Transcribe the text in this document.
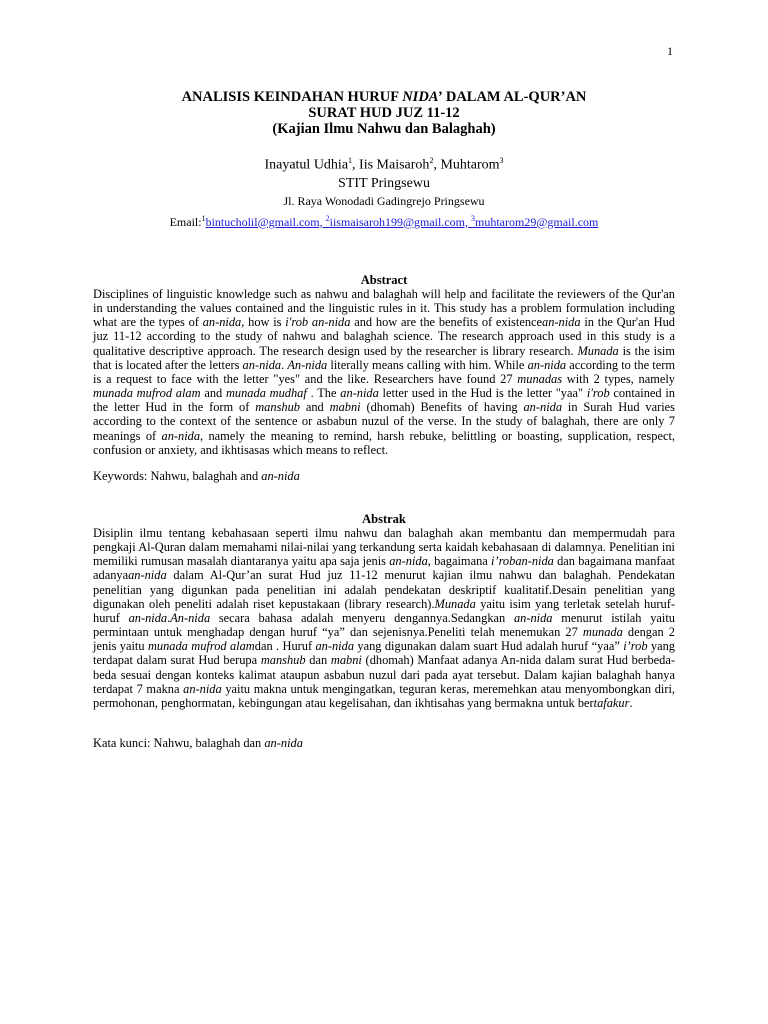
1
ANALISIS KEINDAHAN HURUF NIDA’ DALAM AL-QUR’AN
SURAT HUD JUZ 11-12
(Kajian Ilmu Nahwu dan Balaghah)
Inayatul Udhia$^1$, Iis Maisaroh$^2$, Muhtarom$^3$
STIT Pringsewu
Jl. Raya Wonodadi Gadingrejo Pringsewu
Email:$^1$bintucholil@gmail.com, $^2$iismaisaroh199@gmail.com, $^3$muhtarom29@gmail.com
Abstract

Disciplines of linguistic knowledge such as nahwu and balaghah will help and facilitate the reviewers of the Qur'an in understanding the values contained and the linguistic rules in it. This study has a problem formulation including what are the types of an-nida, how is i'rob an-nida and how are the benefits of existencean-nida in the Qur'an Hud juz 11-12 according to the study of nahwu and balaghah science. The research approach used in this study is a qualitative descriptive approach. The research design used by the researcher is library research. Munada is the isim that is located after the letters an-nida. An-nida literally means calling with him. While an-nida according to the term is a request to face with the letter "yes" and the like. Researchers have found 27 munadas with 2 types, namely munada mufrod alam and munada mudhaf . The an-nida letter used in the Hud is the letter "yaa" i'rob contained in the letter Hud in the form of manshub and mabni (dhomah) Benefits of having an-nida in Surah Hud varies according to the context of the sentence or asbabun nuzul of the verse. In the study of balaghah, there are only 7 meanings of an-nida, namely the meaning to remind, harsh rebuke, belittling or boasting, supplication, respect, confusion or anxiety, and ikhtisasas which means to reflect.

Keywords: Nahwu, balaghah and an-nida
Abstrak

Disiplin ilmu tentang kebahasaan seperti ilmu nahwu dan balaghah akan membantu dan mempermudah para pengkaji Al-Quran dalam memahami nilai-nilai yang terkandung serta kaidah kebahasaan di dalamnya. Penelitian ini memiliki rumusan masalah diantaranya yaitu apa saja jenis an-nida, bagaimana i’roban-nida dan bagaimana manfaat adanyaan-nida dalam Al-Qur’an surat Hud juz 11-12 menurut kajian ilmu nahwu dan balaghah. Pendekatan penelitian yang digunkan pada penelitian ini adalah pendekatan deskriptif kualitatif.Desain penelitian yang digunakan oleh peneliti adalah riset kepustakaan (library research).Munada yaitu isim yang terletak setelah huruf-huruf an-nida.An-nida secara bahasa adalah menyeru dengannya.Sedangkan an-nida menurut istilah yaitu permintaan untuk menghadap dengan huruf “ya” dan sejenisnya.Peneliti telah menemukan 27 munada dengan 2 jenis yaitu munada mufrod alamdan . Huruf an-nida yang digunakan dalam suart Hud adalah huruf “yaa” i’rob yang terdapat dalam surat Hud berupa manshub dan mabni (dhomah) Manfaat adanya An-nida dalam surat Hud berbeda-beda sesuai dengan konteks kalimat ataupun asbabun nuzul dari pada ayat tersebut. Dalam kajian balaghah hanya terdapat 7 makna an-nida yaitu makna untuk mengingatkan, teguran keras, meremehkan atau menyombongkan diri, permohonan, penghormatan, kebingungan atau kegelisahan, dan ikhtisahas yang bermakna untuk bertafakur.

Kata kunci: Nahwu, balaghah dan an-nida
